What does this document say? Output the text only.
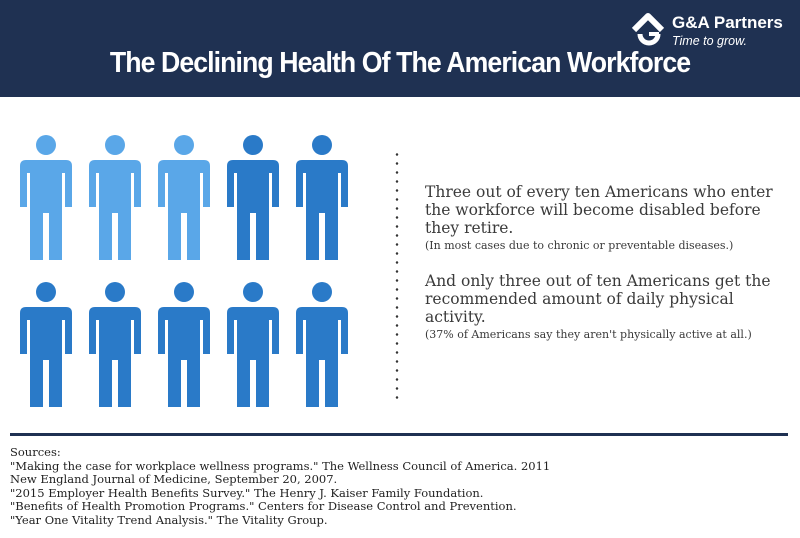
G&A Partners
Time to grow.
The Declining Health Of The American Workforce
Three out of every ten Americans who enter the workforce will become disabled before they retire.
(In most cases due to chronic or preventable diseases.)
And only three out of ten Americans get the recommended amount of daily physical activity.
(37% of Americans say they aren't physically active at all.)
Sources:
"Making the case for workplace wellness programs." The Wellness Council of America. 2011
New England Journal of Medicine, September 20, 2007.
"2015 Employer Health Benefits Survey." The Henry J. Kaiser Family Foundation.
"Benefits of Health Promotion Programs." Centers for Disease Control and Prevention.
"Year One Vitality Trend Analysis." The Vitality Group.
